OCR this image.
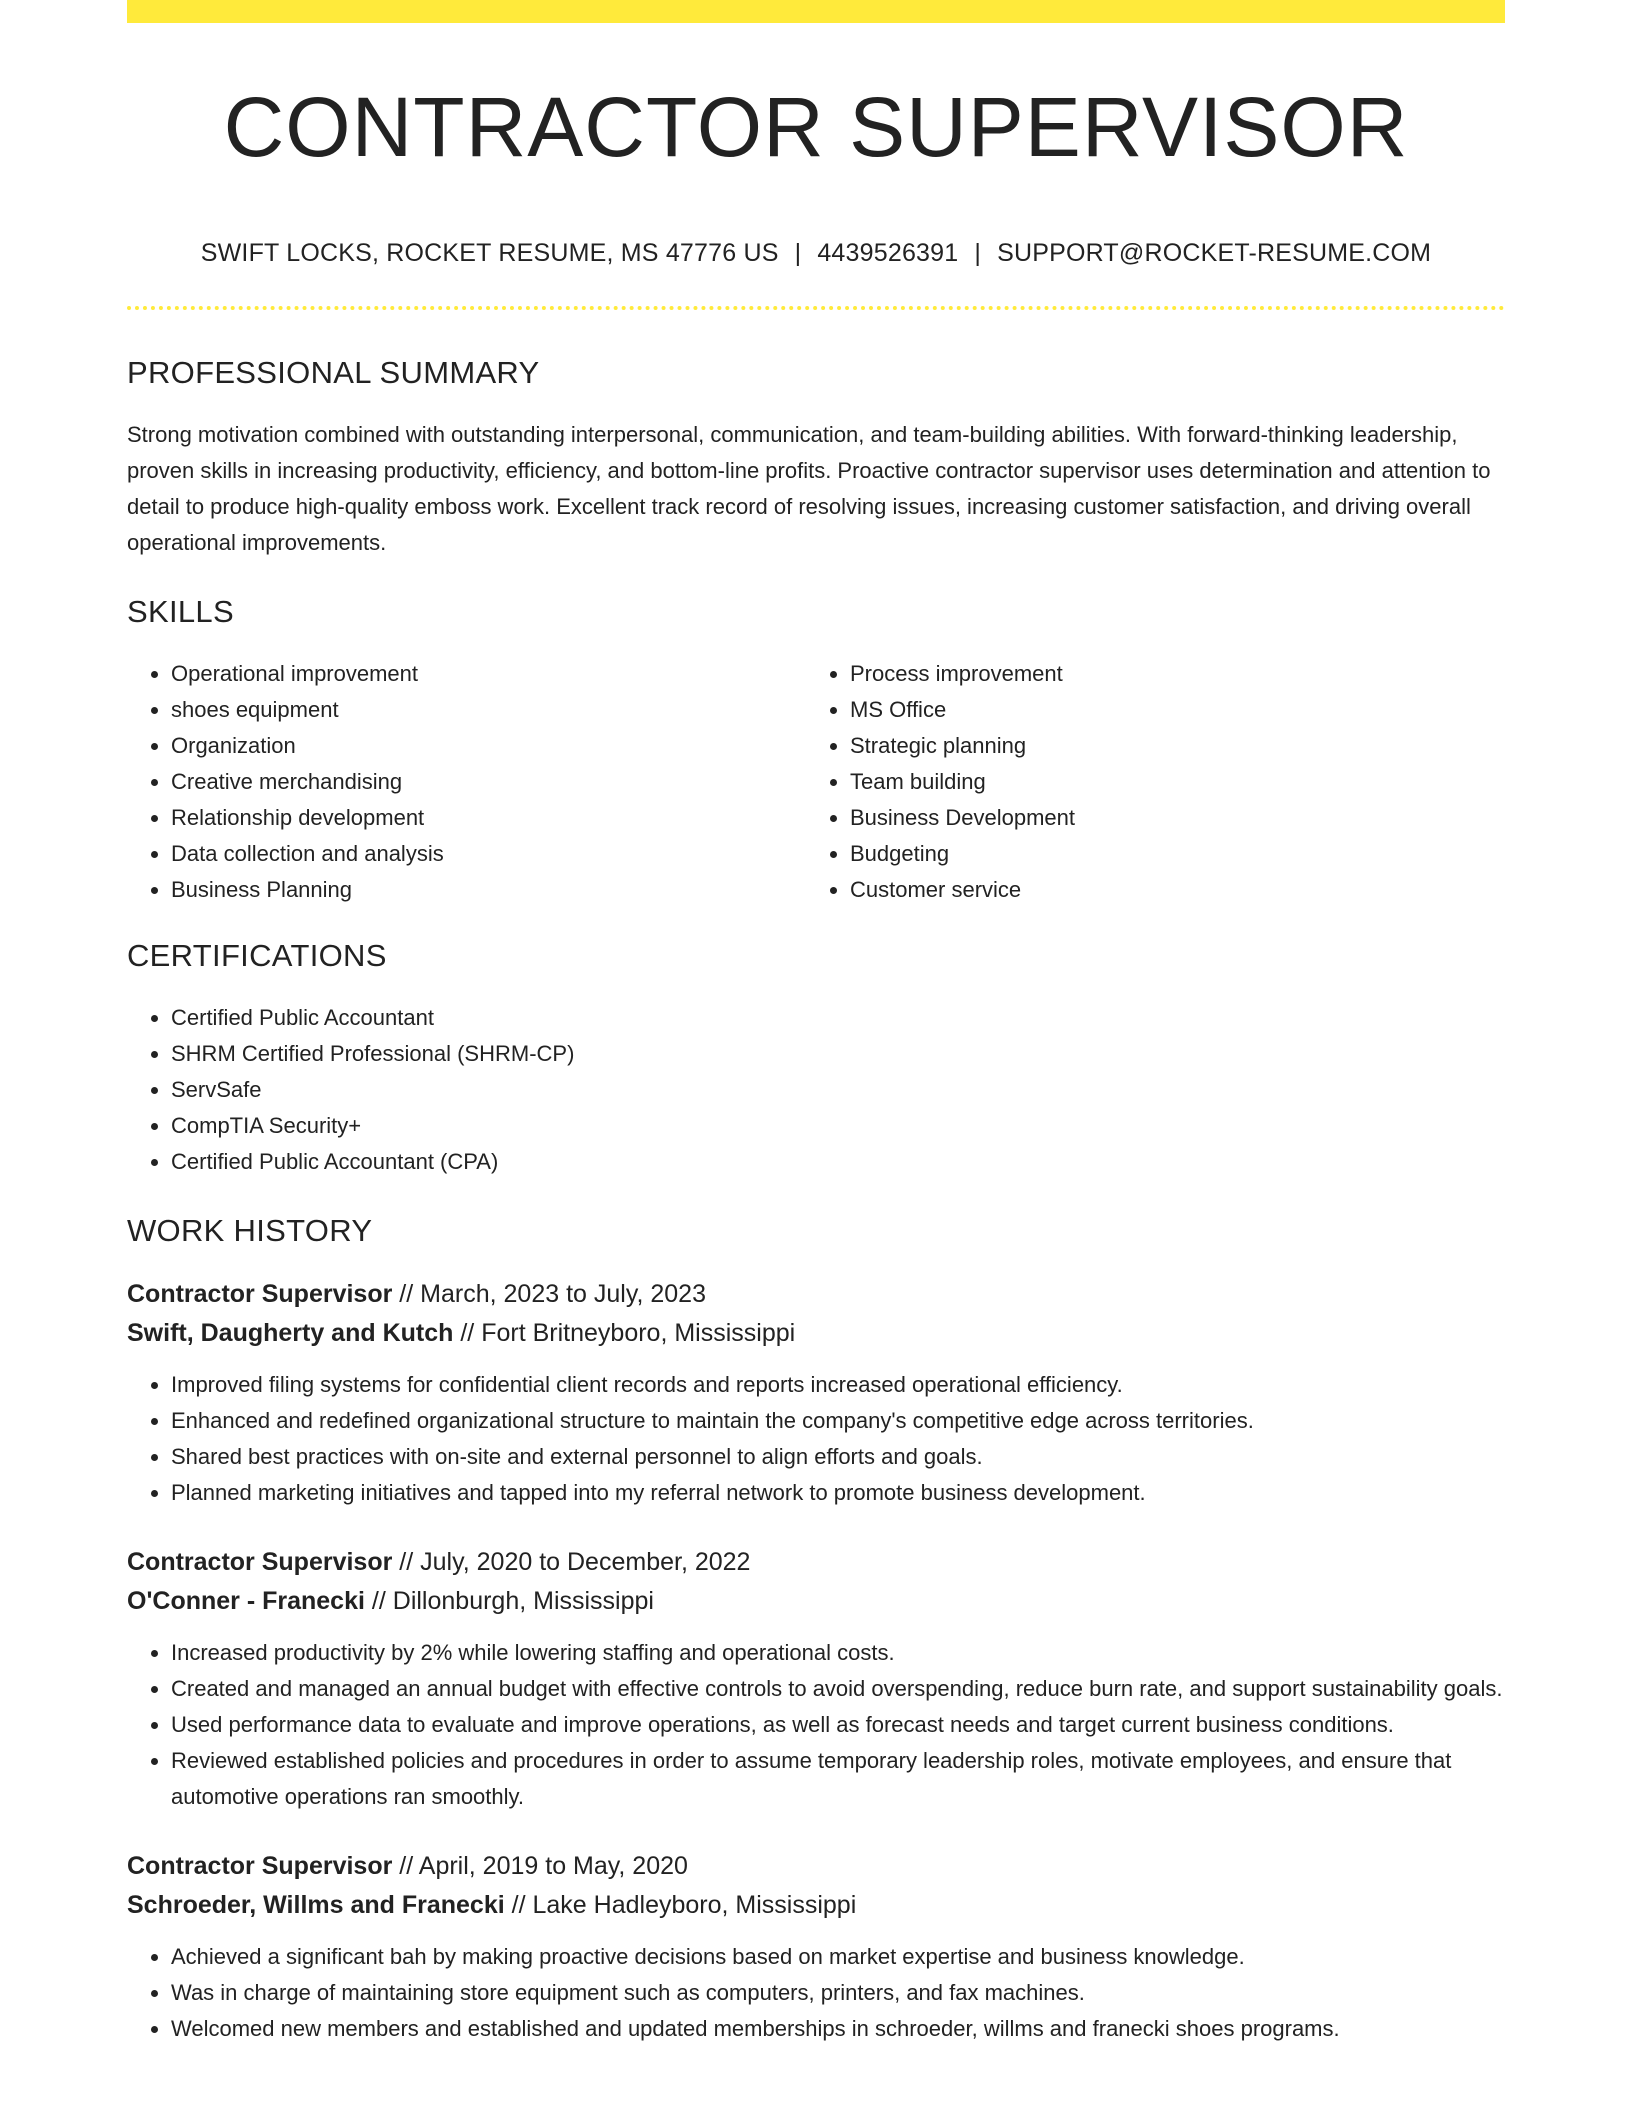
CONTRACTOR SUPERVISOR
SWIFT LOCKS, ROCKET RESUME, MS 47776 US | 4439526391 | SUPPORT@ROCKET-RESUME.COM
PROFESSIONAL SUMMARY
Strong motivation combined with outstanding interpersonal, communication, and team-building abilities. With forward-thinking leadership, proven skills in increasing productivity, efficiency, and bottom-line profits. Proactive contractor supervisor uses determination and attention to detail to produce high-quality emboss work. Excellent track record of resolving issues, increasing customer satisfaction, and driving overall operational improvements.
SKILLS
• Operational improvement
• shoes equipment
• Organization
• Creative merchandising
• Relationship development
• Data collection and analysis
• Business Planning
• Process improvement
• MS Office
• Strategic planning
• Team building
• Business Development
• Budgeting
• Customer service
CERTIFICATIONS
• Certified Public Accountant
• SHRM Certified Professional (SHRM-CP)
• ServSafe
• CompTIA Security+
• Certified Public Accountant (CPA)
WORK HISTORY
Contractor Supervisor // March, 2023 to July, 2023
Swift, Daugherty and Kutch // Fort Britneyboro, Mississippi
• Improved filing systems for confidential client records and reports increased operational efficiency.
• Enhanced and redefined organizational structure to maintain the company's competitive edge across territories.
• Shared best practices with on-site and external personnel to align efforts and goals.
• Planned marketing initiatives and tapped into my referral network to promote business development.
Contractor Supervisor // July, 2020 to December, 2022
O'Conner - Franecki // Dillonburgh, Mississippi
• Increased productivity by 2% while lowering staffing and operational costs.
• Created and managed an annual budget with effective controls to avoid overspending, reduce burn rate, and support sustainability goals.
• Used performance data to evaluate and improve operations, as well as forecast needs and target current business conditions.
• Reviewed established policies and procedures in order to assume temporary leadership roles, motivate employees, and ensure that automotive operations ran smoothly.
Contractor Supervisor // April, 2019 to May, 2020
Schroeder, Willms and Franecki // Lake Hadleyboro, Mississippi
• Achieved a significant bah by making proactive decisions based on market expertise and business knowledge.
• Was in charge of maintaining store equipment such as computers, printers, and fax machines.
• Welcomed new members and established and updated memberships in schroeder, willms and franecki shoes programs.
